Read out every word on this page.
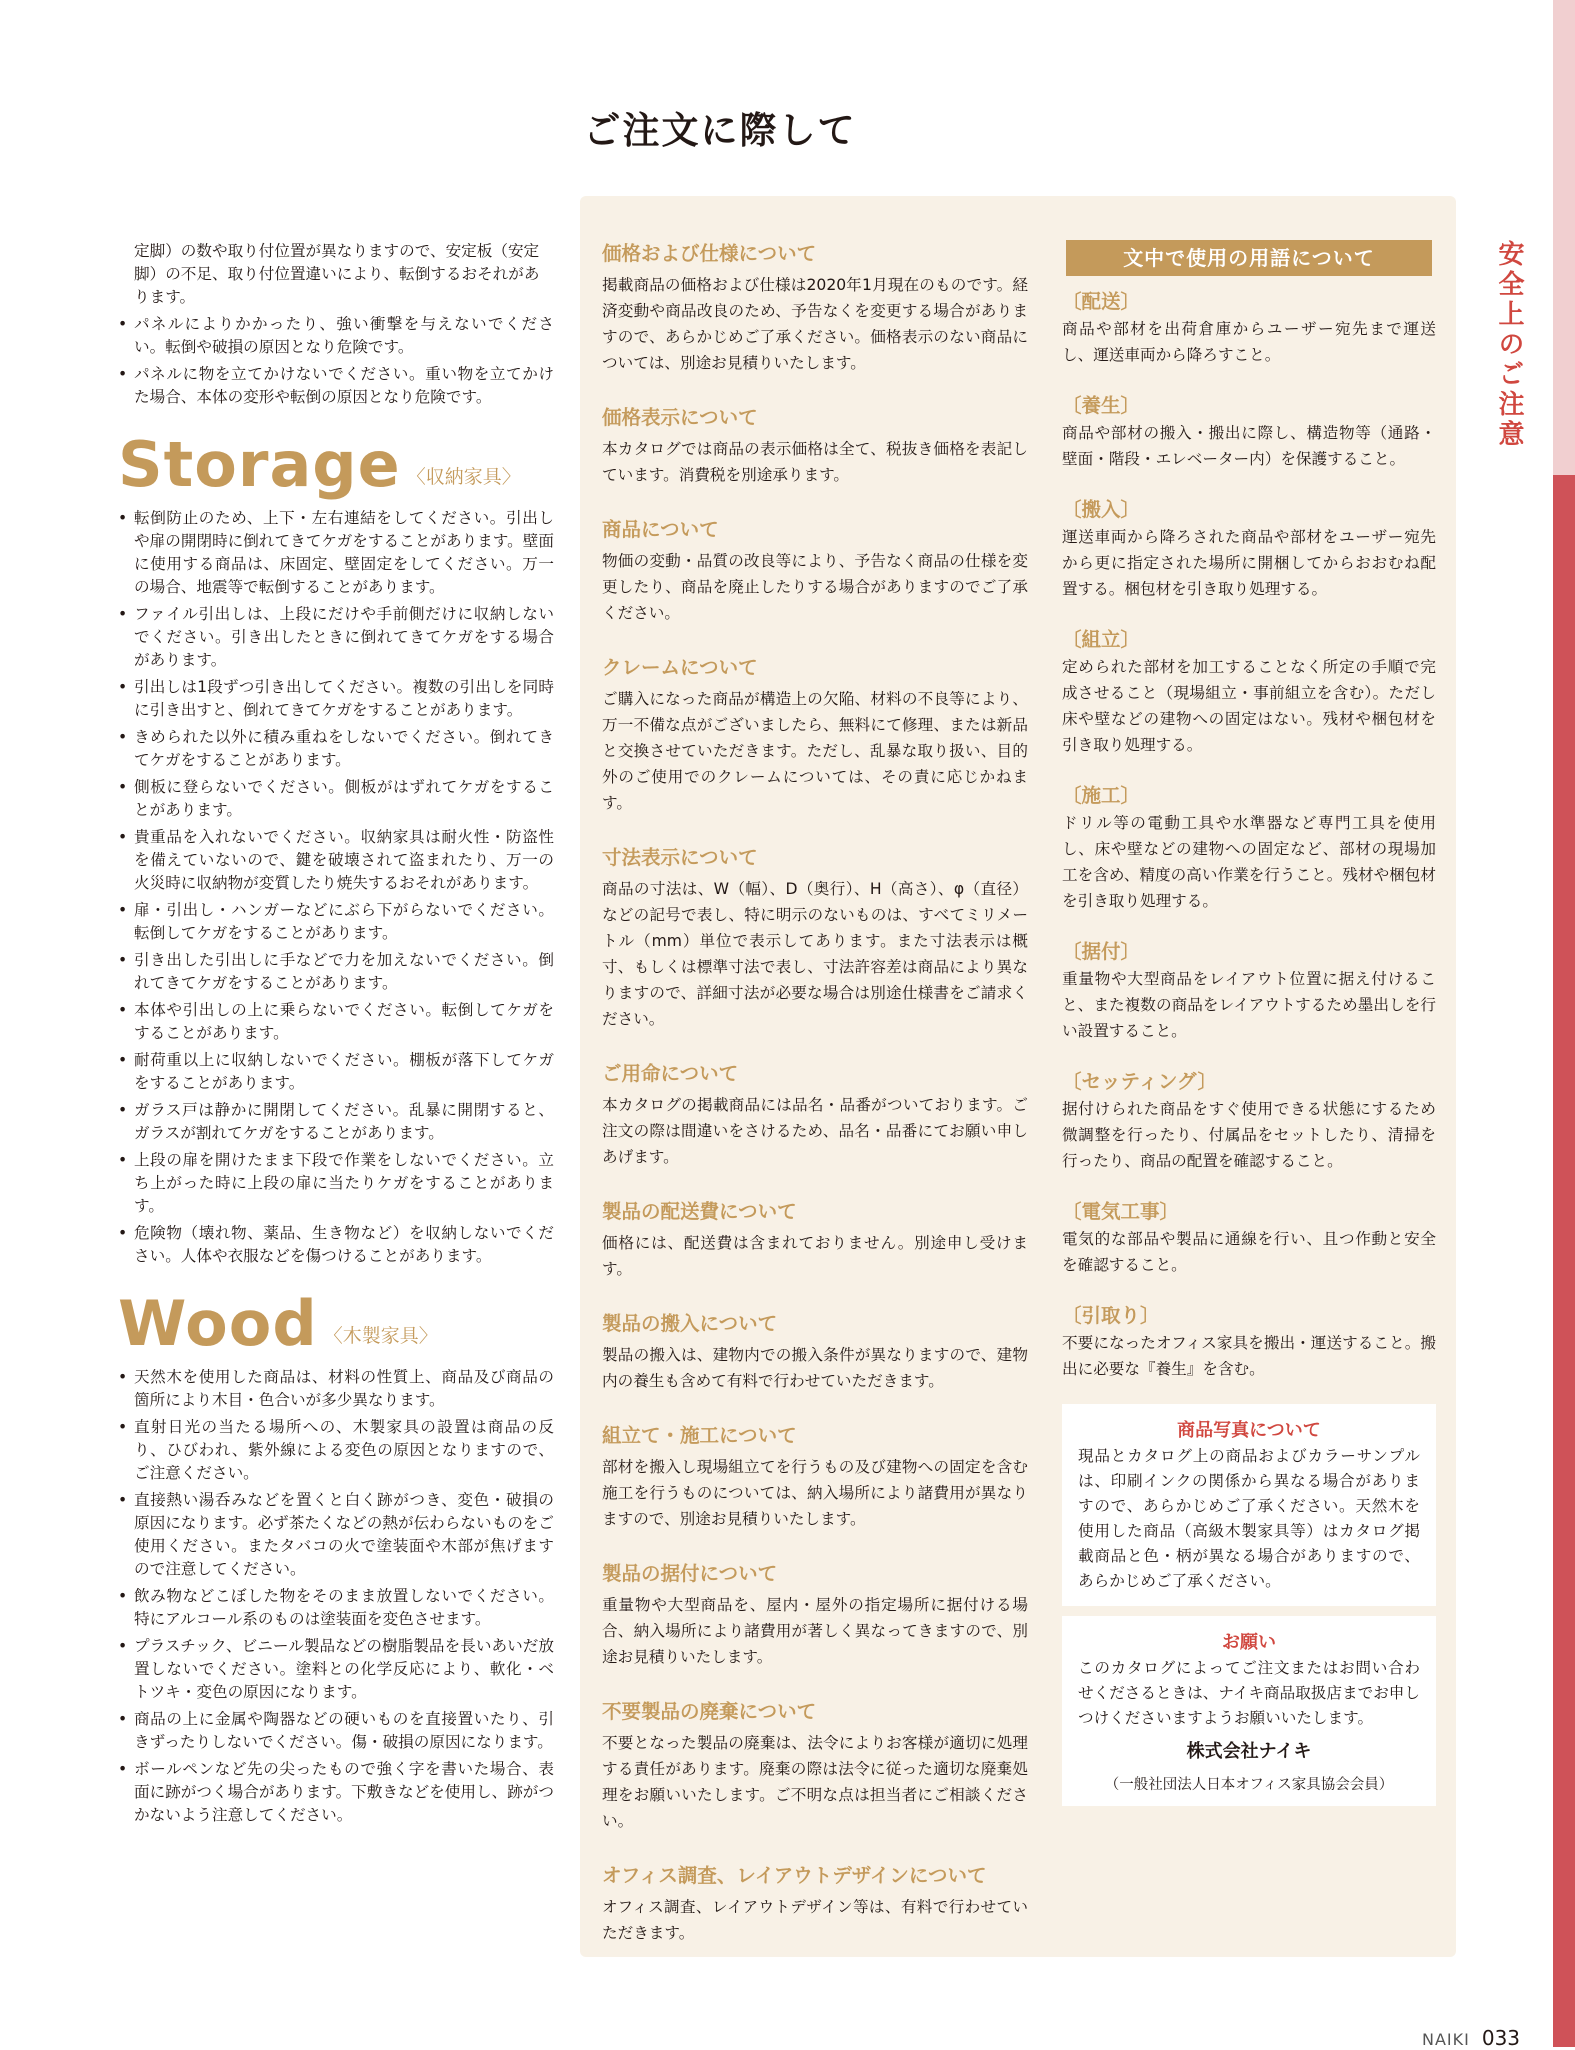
安全上のご注意
ご注文に際して
定脚）の数や取り付位置が異なりますので、安定板（安定脚）の不足、取り付位置違いにより、転倒するおそれがあります。
• パネルによりかかったり、強い衝撃を与えないでください。転倒や破損の原因となり危険です。
• パネルに物を立てかけないでください。重い物を立てかけた場合、本体の変形や転倒の原因となり危険です。
Storage 〈収納家具〉
• 転倒防止のため、上下・左右連結をしてください。引出しや扉の開閉時に倒れてきてケガをすることがあります。壁面に使用する商品は、床固定、壁固定をしてください。万一の場合、地震等で転倒することがあります。
• ファイル引出しは、上段にだけや手前側だけに収納しないでください。引き出したときに倒れてきてケガをする場合があります。
• 引出しは1段ずつ引き出してください。複数の引出しを同時に引き出すと、倒れてきてケガをすることがあります。
• きめられた以外に積み重ねをしないでください。倒れてきてケガをすることがあります。
• 側板に登らないでください。側板がはずれてケガをすることがあります。
• 貴重品を入れないでください。収納家具は耐火性・防盗性を備えていないので、鍵を破壊されて盗まれたり、万一の火災時に収納物が変質したり焼失するおそれがあります。
• 扉・引出し・ハンガーなどにぶら下がらないでください。転倒してケガをすることがあります。
• 引き出した引出しに手などで力を加えないでください。倒れてきてケガをすることがあります。
• 本体や引出しの上に乗らないでください。転倒してケガをすることがあります。
• 耐荷重以上に収納しないでください。棚板が落下してケガをすることがあります。
• ガラス戸は静かに開閉してください。乱暴に開閉すると、ガラスが割れてケガをすることがあります。
• 上段の扉を開けたまま下段で作業をしないでください。立ち上がった時に上段の扉に当たりケガをすることがあります。
• 危険物（壊れ物、薬品、生き物など）を収納しないでください。人体や衣服などを傷つけることがあります。
Wood 〈木製家具〉
• 天然木を使用した商品は、材料の性質上、商品及び商品の箇所により木目・色合いが多少異なります。
• 直射日光の当たる場所への、木製家具の設置は商品の反り、ひびわれ、紫外線による変色の原因となりますので、ご注意ください。
• 直接熱い湯呑みなどを置くと白く跡がつき、変色・破損の原因になります。必ず茶たくなどの熱が伝わらないものをご使用ください。またタバコの火で塗装面や木部が焦げますので注意してください。
• 飲み物などこぼした物をそのまま放置しないでください。特にアルコール系のものは塗装面を変色させます。
• プラスチック、ビニール製品などの樹脂製品を長いあいだ放置しないでください。塗料との化学反応により、軟化・ベトツキ・変色の原因になります。
• 商品の上に金属や陶器などの硬いものを直接置いたり、引きずったりしないでください。傷・破損の原因になります。
• ボールペンなど先の尖ったもので強く字を書いた場合、表面に跡がつく場合があります。下敷きなどを使用し、跡がつかないよう注意してください。
価格および仕様について
掲載商品の価格および仕様は2020年1月現在のものです。経済変動や商品改良のため、予告なくを変更する場合がありますので、あらかじめご了承ください。価格表示のない商品については、別途お見積りいたします。
価格表示について
本カタログでは商品の表示価格は全て、税抜き価格を表記しています。消費税を別途承ります。
商品について
物価の変動・品質の改良等により、予告なく商品の仕様を変更したり、商品を廃止したりする場合がありますのでご了承ください。
クレームについて
ご購入になった商品が構造上の欠陥、材料の不良等により、万一不備な点がございましたら、無料にて修理、または新品と交換させていただきます。ただし、乱暴な取り扱い、目的外のご使用でのクレームについては、その責に応じかねます。
寸法表示について
商品の寸法は、W（幅）、D（奥行）、H（高さ）、φ（直径）などの記号で表し、特に明示のないものは、すべてミリメートル（mm）単位で表示してあります。また寸法表示は概寸、もしくは標準寸法で表し、寸法許容差は商品により異なりますので、詳細寸法が必要な場合は別途仕様書をご請求ください。
ご用命について
本カタログの掲載商品には品名・品番がついております。ご注文の際は間違いをさけるため、品名・品番にてお願い申しあげます。
製品の配送費について
価格には、配送費は含まれておりません。別途申し受けます。
製品の搬入について
製品の搬入は、建物内での搬入条件が異なりますので、建物内の養生も含めて有料で行わせていただきます。
組立て・施工について
部材を搬入し現場組立てを行うもの及び建物への固定を含む施工を行うものについては、納入場所により諸費用が異なりますので、別途お見積りいたします。
製品の据付について
重量物や大型商品を、屋内・屋外の指定場所に据付ける場合、納入場所により諸費用が著しく異なってきますので、別途お見積りいたします。
不要製品の廃棄について
不要となった製品の廃棄は、法令によりお客様が適切に処理する責任があります。廃棄の際は法令に従った適切な廃棄処理をお願いいたします。ご不明な点は担当者にご相談ください。
オフィス調査、レイアウトデザインについて
オフィス調査、レイアウトデザイン等は、有料で行わせていただきます。
文中で使用の用語について
〔配送〕
商品や部材を出荷倉庫からユーザー宛先まで運送し、運送車両から降ろすこと。
〔養生〕
商品や部材の搬入・搬出に際し、構造物等（通路・壁面・階段・エレベーター内）を保護すること。
〔搬入〕
運送車両から降ろされた商品や部材をユーザー宛先から更に指定された場所に開梱してからおおむね配置する。梱包材を引き取り処理する。
〔組立〕
定められた部材を加工することなく所定の手順で完成させること（現場組立・事前組立を含む）。ただし床や壁などの建物への固定はない。残材や梱包材を引き取り処理する。
〔施工〕
ドリル等の電動工具や水準器など専門工具を使用し、床や壁などの建物への固定など、部材の現場加工を含め、精度の高い作業を行うこと。残材や梱包材を引き取り処理する。
〔据付〕
重量物や大型商品をレイアウト位置に据え付けること、また複数の商品をレイアウトするため墨出しを行い設置すること。
〔セッティング〕
据付けられた商品をすぐ使用できる状態にするため微調整を行ったり、付属品をセットしたり、清掃を行ったり、商品の配置を確認すること。
〔電気工事〕
電気的な部品や製品に通線を行い、且つ作動と安全を確認すること。
〔引取り〕
不要になったオフィス家具を搬出・運送すること。搬出に必要な『養生』を含む。
商品写真について
現品とカタログ上の商品およびカラーサンプルは、印刷インクの関係から異なる場合がありますので、あらかじめご了承ください。天然木を使用した商品（高級木製家具等）はカタログ掲載商品と色・柄が異なる場合がありますので、あらかじめご了承ください。
お願い
このカタログによってご注文またはお問い合わせくださるときは、ナイキ商品取扱店までお申しつけくださいますようお願いいたします。
株式会社ナイキ
（一般社団法人日本オフィス家具協会会員）
NAIKI 033
